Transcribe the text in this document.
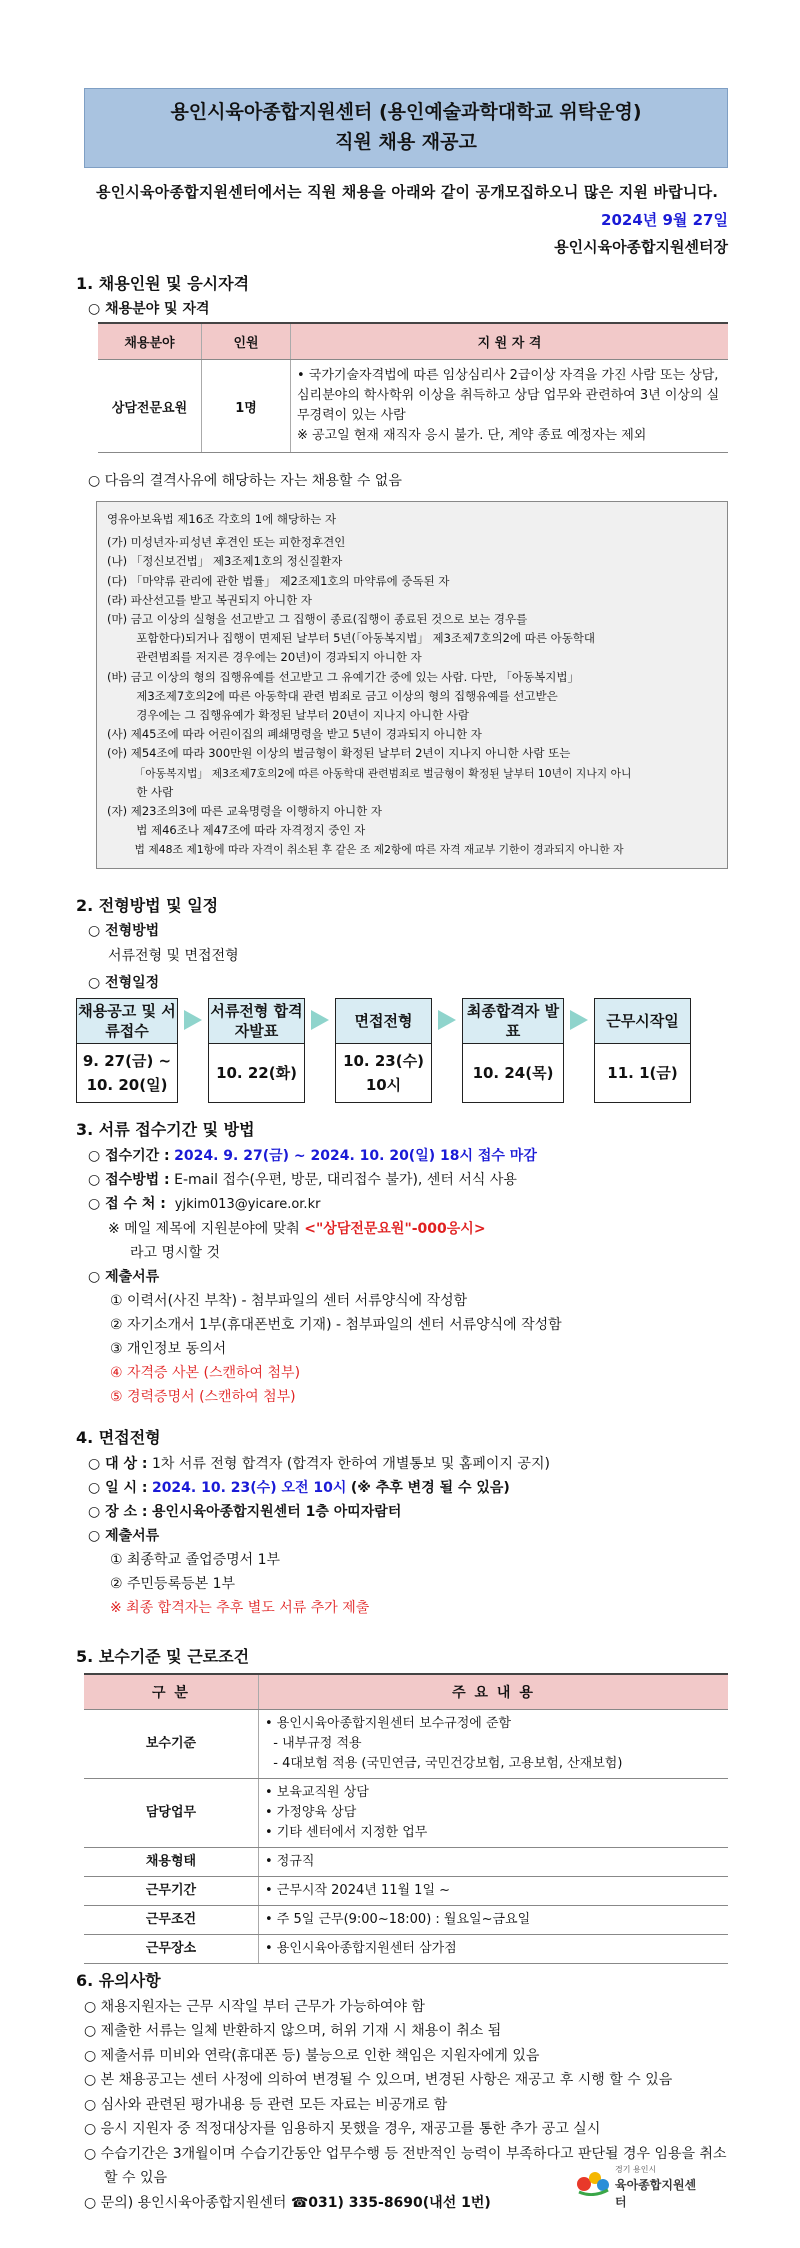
용인시육아종합지원센터 (용인예술과학대학교 위탁운영)
직원 채용 재공고
용인시육아종합지원센터에서는 직원 채용을 아래와 같이 공개모집하오니 많은 지원 바랍니다.
2024년 9월 27일
용인시육아종합지원센터장
1. 채용인원 및 응시자격
○ 채용분야 및 자격
채용분야	인원	지 원 자 격
상담전문요원	1명	• 국가기술자격법에 따른 임상심리사 2급이상 자격을 가진 사람 또는 상담, 심리분야의 학사학위 이상을 취득하고 상담 업무와 관련하여 3년 이상의 실무경력이 있는 사람
※ 공고일 현재 재직자 응시 불가. 단, 계약 종료 예정자는 제외
○ 다음의 결격사유에 해당하는 자는 채용할 수 없음
영유아보육법 제16조 각호의 1에 해당하는 자
(가) 미성년자·피성년 후견인 또는 피한정후견인
(나) 「정신보건법」 제3조제1호의 정신질환자
(다) 「마약류 관리에 관한 법률」 제2조제1호의 마약류에 중독된 자
(라) 파산선고를 받고 복권되지 아니한 자
(마) 금고 이상의 실형을 선고받고 그 집행이 종료(집행이 종료된 것으로 보는 경우를
포함한다)되거나 집행이 면제된 날부터 5년(「아동복지법」 제3조제7호의2에 따른 아동학대
관련범죄를 저지른 경우에는 20년)이 경과되지 아니한 자
(바) 금고 이상의 형의 집행유예를 선고받고 그 유예기간 중에 있는 사람. 다만, 「아동복지법」
제3조제7호의2에 따른 아동학대 관련 범죄로 금고 이상의 형의 집행유예를 선고받은
경우에는 그 집행유예가 확정된 날부터 20년이 지나지 아니한 사람
(사) 제45조에 따라 어린이집의 폐쇄명령을 받고 5년이 경과되지 아니한 자
(아) 제54조에 따라 300만원 이상의 벌금형이 확정된 날부터 2년이 지나지 아니한 사람 또는
「아동복지법」 제3조제7호의2에 따른 아동학대 관련범죄로 벌금형이 확정된 날부터 10년이 지나지 아니
한 사람
(자) 제23조의3에 따른 교육명령을 이행하지 아니한 자
법 제46조나 제47조에 따라 자격정지 중인 자
법 제48조 제1항에 따라 자격이 취소된 후 같은 조 제2항에 따른 자격 재교부 기한이 경과되지 아니한 자
2. 전형방법 및 일정
○ 전형방법
서류전형 및 면접전형
○ 전형일정
채용공고 및 서류접수
9. 27(금) ~ 10. 20(일)
서류전형 합격자발표
10. 22(화)
면접전형
10. 23(수) 10시
최종합격자 발표
10. 24(목)
근무시작일
11. 1(금)
3. 서류 접수기간 및 방법
○ 접수기간 : 2024. 9. 27(금) ~ 2024. 10. 20(일) 18시 접수 마감
○ 접수방법 : E-mail 접수(우편, 방문, 대리접수 불가), 센터 서식 사용
○ 접 수 처 : yjkim013@yicare.or.kr
※ 메일 제목에 지원분야에 맞춰 <"상담전문요원"-000응시>
라고 명시할 것
○ 제출서류
① 이력서(사진 부착) - 첨부파일의 센터 서류양식에 작성함
② 자기소개서 1부(휴대폰번호 기재) - 첨부파일의 센터 서류양식에 작성함
③ 개인정보 동의서
④ 자격증 사본 (스캔하여 첨부)
⑤ 경력증명서 (스캔하여 첨부)
4. 면접전형
○ 대 상 : 1차 서류 전형 합격자 (합격자 한하여 개별통보 및 홈페이지 공지)
○ 일 시 : 2024. 10. 23(수) 오전 10시 (※ 추후 변경 될 수 있음)
○ 장 소 : 용인시육아종합지원센터 1층 아띠자람터
○ 제출서류
① 최종학교 졸업증명서 1부
② 주민등록등본 1부
※ 최종 합격자는 추후 별도 서류 추가 제출
5. 보수기준 및 근로조건
구 분	주 요 내 용
보수기준	• 용인시육아종합지원센터 보수규정에 준함
- 내부규정 적용
- 4대보험 적용 (국민연금, 국민건강보험, 고용보험, 산재보험)

담당업무	• 보육교직원 상담
• 가정양육 상담
• 기타 센터에서 지정한 업무

채용형태	• 정규직
근무기간	• 근무시작 2024년 11월 1일 ~
근무조건	• 주 5일 근무(9:00~18:00) : 월요일~금요일
근무장소	• 용인시육아종합지원센터 삼가점
6. 유의사항
○ 채용지원자는 근무 시작일 부터 근무가 가능하여야 함
○ 제출한 서류는 일체 반환하지 않으며, 허위 기재 시 채용이 취소 됨
○ 제출서류 미비와 연락(휴대폰 등) 불능으로 인한 책임은 지원자에게 있음
○ 본 채용공고는 센터 사정에 의하여 변경될 수 있으며, 변경된 사항은 재공고 후 시행 할 수 있음
○ 심사와 관련된 평가내용 등 관련 모든 자료는 비공개로 함
○ 응시 지원자 중 적정대상자를 임용하지 못했을 경우, 재공고를 통한 추가 공고 실시
○ 수습기간은 3개월이며 수습기간동안 업무수행 등 전반적인 능력이 부족하다고 판단될 경우 임용을 취소할 수 있음
○ 문의) 용인시육아종합지원센터 ☎031) 335-8690(내선 1번)
경기 용인시
육아종합지원센터
